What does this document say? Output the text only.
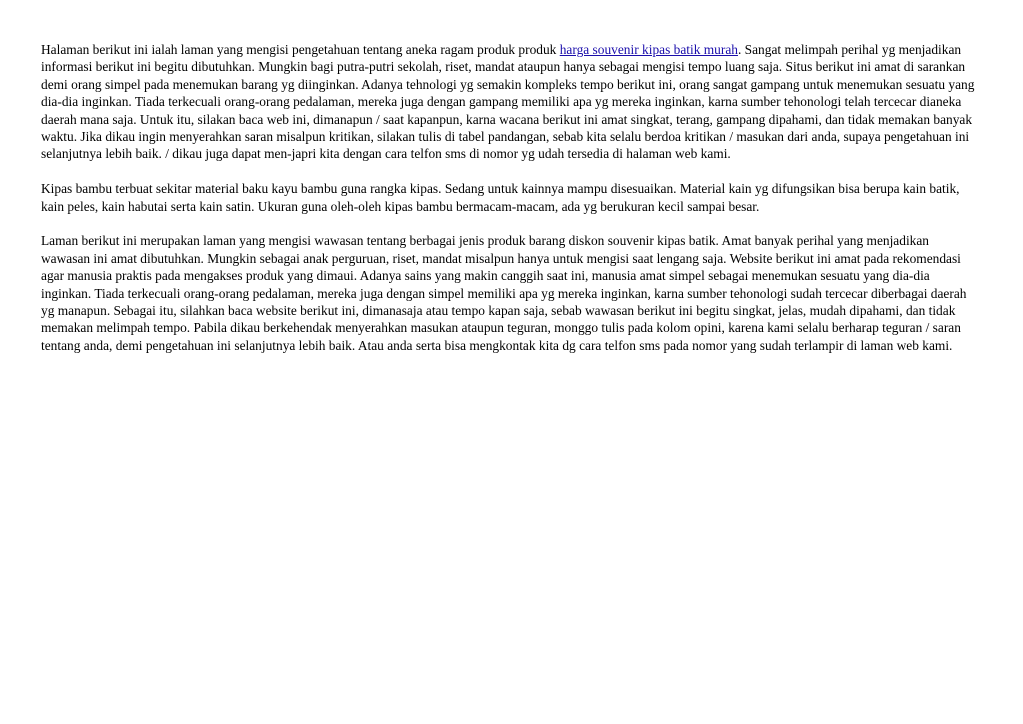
Halaman berikut ini ialah laman yang mengisi pengetahuan tentang aneka ragam produk produk harga souvenir kipas batik murah. Sangat melimpah perihal yg menjadikan informasi berikut ini begitu dibutuhkan. Mungkin bagi putra-putri sekolah, riset, mandat ataupun hanya sebagai mengisi tempo luang saja. Situs berikut ini amat di sarankan demi orang simpel pada menemukan barang yg diinginkan. Adanya tehnologi yg semakin kompleks tempo berikut ini, orang sangat gampang untuk menemukan sesuatu yang dia-dia inginkan. Tiada terkecuali orang-orang pedalaman, mereka juga dengan gampang memiliki apa yg mereka inginkan, karna sumber tehonologi telah tercecar dianeka daerah mana saja. Untuk itu, silakan baca web ini, dimanapun / saat kapanpun, karna wacana berikut ini amat singkat, terang, gampang dipahami, dan tidak memakan banyak waktu. Jika dikau ingin menyerahkan saran misalpun kritikan, silakan tulis di tabel pandangan, sebab kita selalu berdoa kritikan / masukan dari anda, supaya pengetahuan ini selanjutnya lebih baik. / dikau juga dapat men-japri kita dengan cara telfon sms di nomor yg udah tersedia di halaman web kami.

Kipas bambu terbuat sekitar material baku kayu bambu guna rangka kipas. Sedang untuk kainnya mampu disesuaikan. Material kain yg difungsikan bisa berupa kain batik, kain peles, kain habutai serta kain satin. Ukuran guna oleh-oleh kipas bambu bermacam-macam, ada yg berukuran kecil sampai besar.

Laman berikut ini merupakan laman yang mengisi wawasan tentang berbagai jenis produk barang diskon souvenir kipas batik. Amat banyak perihal yang menjadikan wawasan ini amat dibutuhkan. Mungkin sebagai anak perguruan, riset, mandat misalpun hanya untuk mengisi saat lengang saja. Website berikut ini amat pada rekomendasi agar manusia praktis pada mengakses produk yang dimaui. Adanya sains yang makin canggih saat ini, manusia amat simpel sebagai menemukan sesuatu yang dia-dia inginkan. Tiada terkecuali orang-orang pedalaman, mereka juga dengan simpel memiliki apa yg mereka inginkan, karna sumber tehonologi sudah tercecar diberbagai daerah yg manapun. Sebagai itu, silahkan baca website berikut ini, dimanasaja atau tempo kapan saja, sebab wawasan berikut ini begitu singkat, jelas, mudah dipahami, dan tidak memakan melimpah tempo. Pabila dikau berkehendak menyerahkan masukan ataupun teguran, monggo tulis pada kolom opini, karena kami selalu berharap teguran / saran tentang anda, demi pengetahuan ini selanjutnya lebih baik. Atau anda serta bisa mengkontak kita dg cara telfon sms pada nomor yang sudah terlampir di laman web kami.
